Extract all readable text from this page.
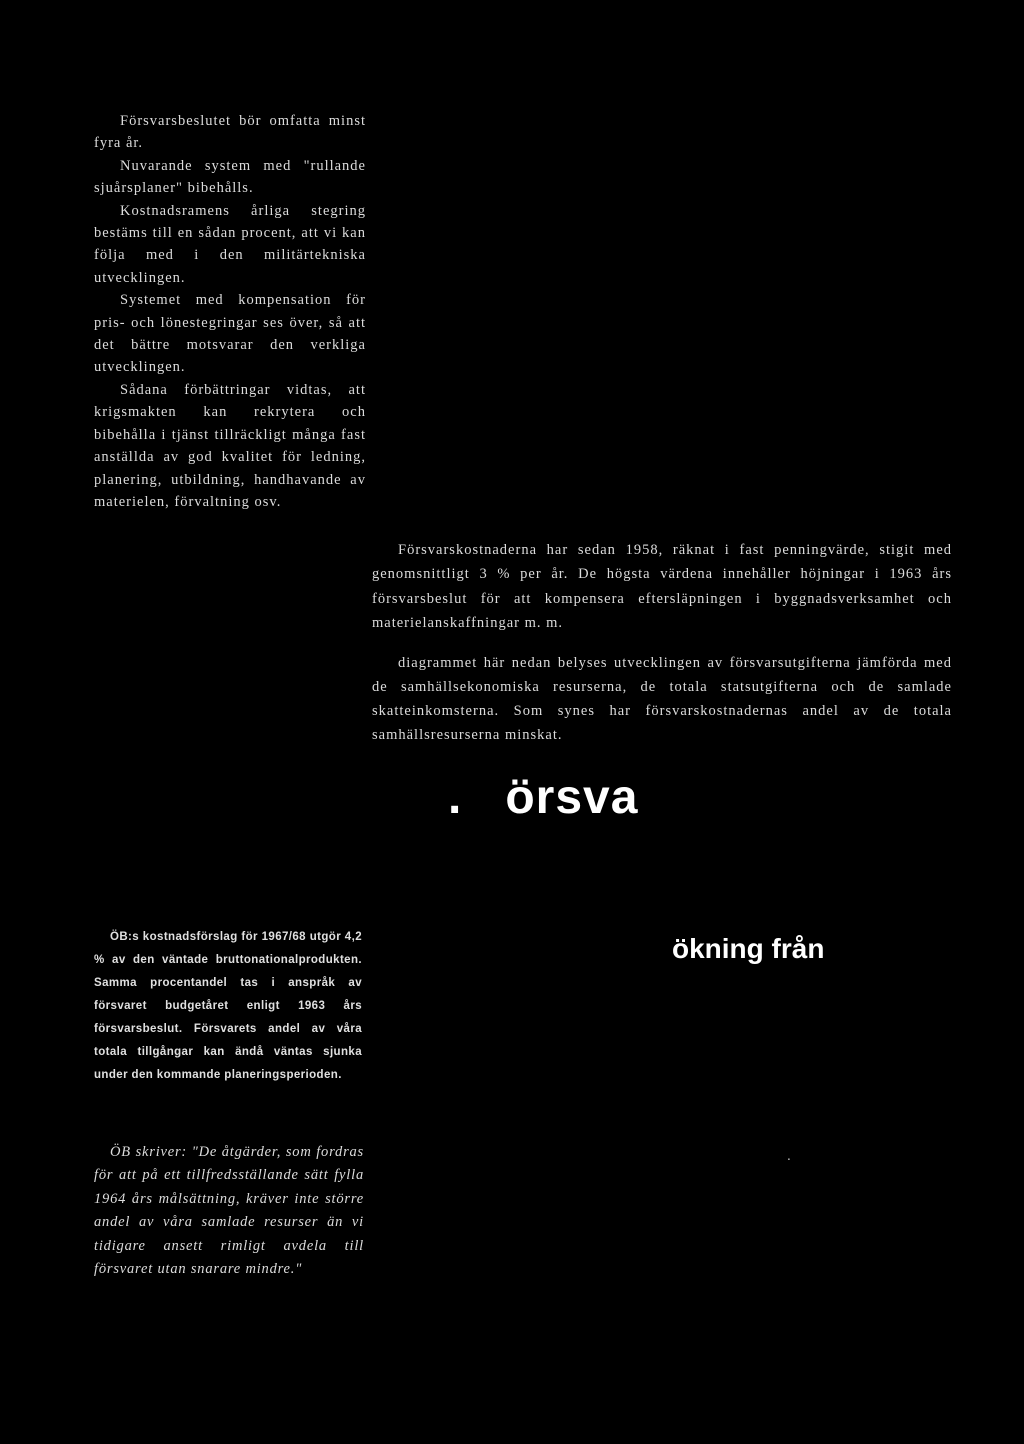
Försvarsbeslutet bör omfatta minst fyra år.

Nuvarande system med "rullande sjuårsplaner" bibehålls.

Kostnadsramens årliga stegring bestäms till en sådan procent, att vi kan följa med i den militärtekniska utvecklingen.

Systemet med kompensation för pris- och lönestegringar ses över, så att det bättre motsvarar den verkliga utvecklingen.

Sådana förbättringar vidtas, att krigsmakten kan rekrytera och bibehålla i tjänst tillräckligt många fast anställda av god kvalitet för ledning, planering, utbildning, handhavande av materielen, förvaltning osv.

Försvarskostnaderna har sedan 1958, räknat i fast penningvärde, stigit med genomsnittligt 3 % per år. De högsta värdena innehåller höjningar i 1963 års försvarsbeslut för att kompensera eftersläpningen i byggnadsverksamhet och materielanskaffningar m. m.

diagrammet här nedan belyses utvecklingen av försvarsutgifterna jämförda med de samhällsekonomiska resurserna, de totala statsutgifterna och de samlade skatteinkomsterna. Som synes har försvarskostnadernas andel av de totala samhällsresurserna minskat.

.   örsva
ökning från

ÖB:s kostnadsförslag för 1967/68 utgör 4,2 % av den väntade bruttonationalprodukten. Samma procentandel tas i anspråk av försvaret budgetåret enligt 1963 års försvarsbeslut. Försvarets andel av våra totala tillgångar kan ändå väntas sjunka under den kommande planeringsperioden.

ÖB skriver: "De åtgärder, som fordras för att på ett tillfredsställande sätt fylla 1964 års målsättning, kräver inte större andel av våra samlade resurser än vi tidigare ansett rimligt avdela till försvaret utan snarare mindre."

.
